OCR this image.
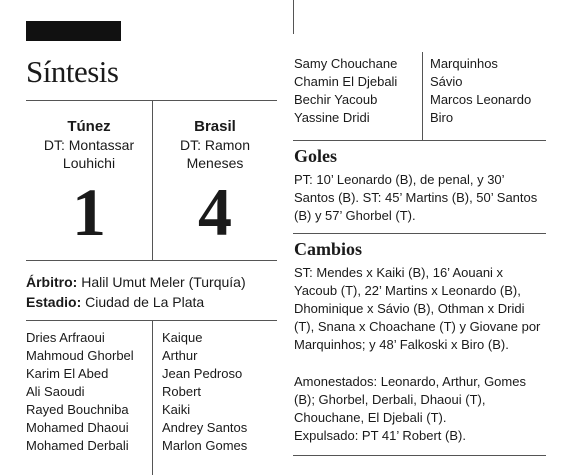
Síntesis
Túnez
DT: Montassar Louhichi
1
Brasil
DT: Ramon Meneses
4
Árbitro: Halil Umut Meler (Turquía)
Estadio: Ciudad de La Plata
Dries Arfraoui
Mahmoud Ghorbel
Karim El Abed
Ali Saoudi
Rayed Bouchniba
Mohamed Dhaoui
Mohamed Derbali
Kaique
Arthur
Jean Pedroso
Robert
Kaiki
Andrey Santos
Marlon Gomes
Samy Chouchane
Chamin El Djebali
Bechir Yacoub
Yassine Dridi
Marquinhos
Sávio
Marcos Leonardo
Biro
Goles

PT: 10’ Leonardo (B), de penal, y 30’ Santos (B). ST: 45’ Martins (B), 50’ Santos (B) y 57’ Ghorbel (T).

Cambios

ST: Mendes x Kaiki (B), 16’ Aouani x Yacoub (T), 22’ Martins x Leonardo (B), Dhominique x Sávio (B), Othman x Dridi (T), Snana x Choachane (T) y Giovane por Marquinhos; y 48’ Falkoski x Biro (B).

Amonestados: Leonardo, Arthur, Gomes (B); Ghorbel, Derbali, Dhaoui (T), Chouchane, El Djebali (T).

Expulsado: PT 41’ Robert (B).
